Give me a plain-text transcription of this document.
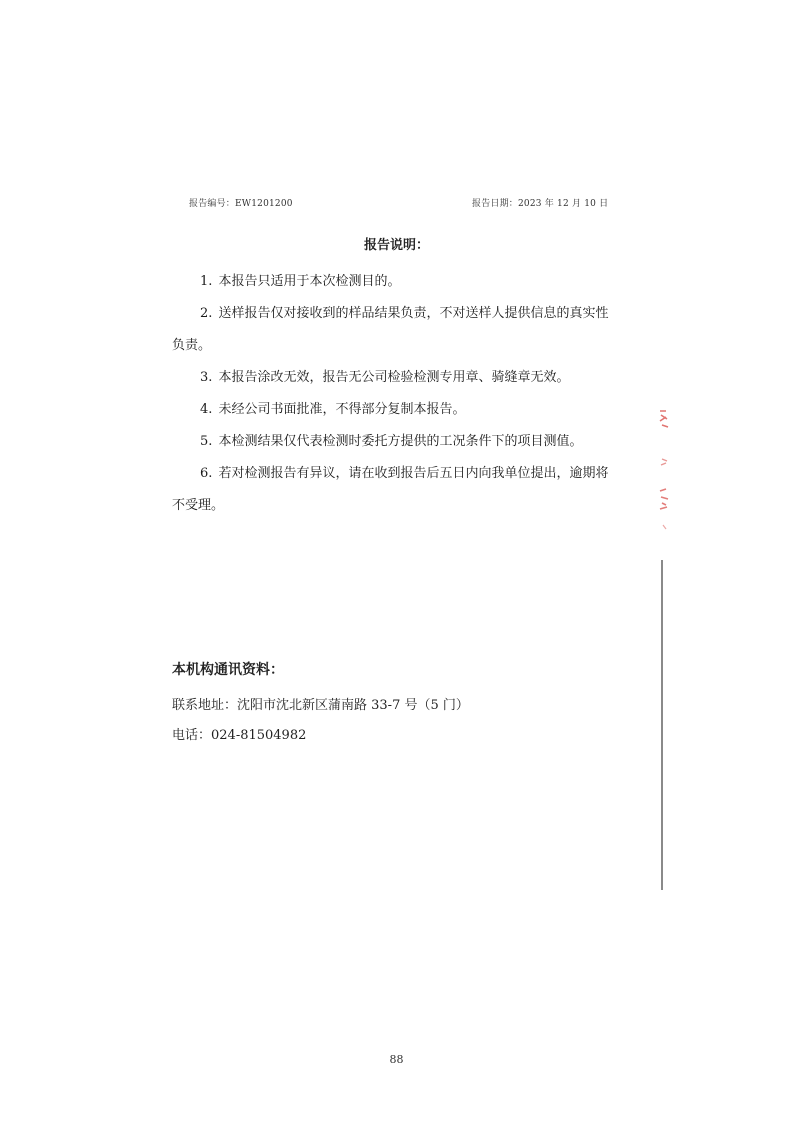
报告编号：EW1201200	报告日期：2023 年 12 月 10 日
报告说明：

1. 本报告只适用于本次检测目的。

2. 送样报告仅对接收到的样品结果负责，不对送样人提供信息的真实性负责。

3. 本报告涂改无效，报告无公司检验检测专用章、骑缝章无效。

4. 未经公司书面批准，不得部分复制本报告。

5. 本检测结果仅代表检测时委托方提供的工况条件下的项目测值。

6. 若对检测报告有异议，请在收到报告后五日内向我单位提出，逾期将不受理。

本机构通讯资料：
联系地址：沈阳市沈北新区蒲南路 33-7 号（5 门）
电话：024-81504982
88
